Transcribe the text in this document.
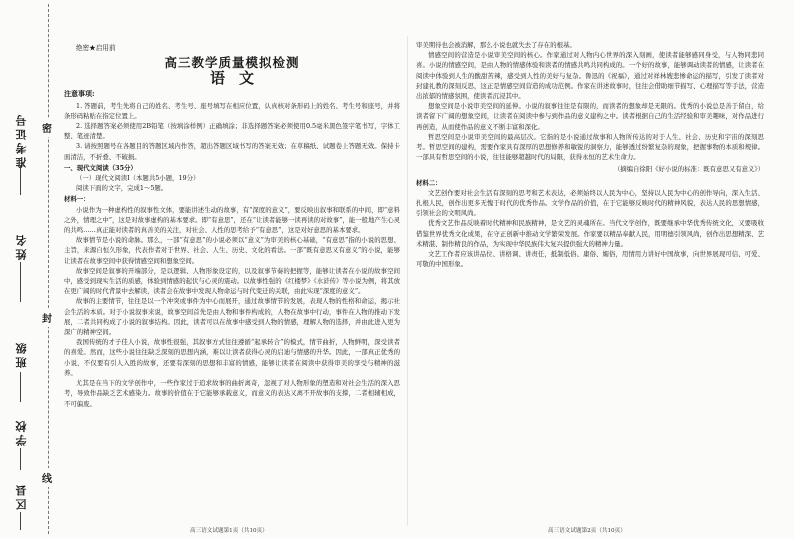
准考证号
姓名
班级
学校
区县
密
封
线
绝密★启用前
高三教学质量模拟检测
语文
注意事项:

1. 答题前，考生先将自己的姓名、考生号、座号填写在相应位置，认真核对条形码上的姓名、考生号和座号，并将条形码粘贴在指定位置上。

2. 选择题答案必须使用2B铅笔（按填涂样例）正确填涂；非选择题答案必须使用0.5毫米黑色签字笔书写，字体工整、笔迹清楚。

3. 请按照题号在各题目的答题区域内作答，超出答题区域书写的答案无效；在草稿纸、试题卷上答题无效。保持卡面清洁，不折叠、不破损。

一、现代文阅读（35分）
（一）现代文阅读Ⅰ（本题共5小题，19分）
阅读下面的文字，完成1～5题。
材料一：

小说作为一种虚构性的叙事性文体，要能讲述生动的故事，有“深度的意义”，要反映出叙事和联系的中间，即“意料之外，情理之中”，这是对故事虚构的基本要求。即“有意思”，还在“让读者能够一读再读的对故事”，能一般地产生心灵的共鸣……真正能对读者的真善美的关注，对社会、人性的思考给予“有意思”，这是对好意思的基本要求。

故事情节是小说的命脉。那么，一部“有意思”的小说必须以“意义”为审美的核心基础，“有意思”指的小说的思想、主旨，来源自恒久形象，代表作者对于世界、社会、人生、历史、文化的看法。一部“既有意思又有意义”的小说，能够让读者在故事空间中获得情感空间和想象空间。

故事空间是叙事的开端部分，是以逻辑、人物形象设定的，以及叙事节奏的把握等，能够让读者在小说的故事空间中，感受到现实生活的质感，体验到情感的起伏与心灵的震动。以故事性强的《红楼梦》《水浒传》等小说为例，将其放在更广阔的时代背景中去解读，读者会在故事中发现人物命运与时代变迁的关联，由此实现“深度的意义”。

故事的主要情节，往往是以一个冲突或事件为中心而展开，通过故事情节的发展，表现人物的性格和命运，揭示社会生活的本质。对于小说叙事来说，故事空间首先是由人物和事件构成的，人物在故事中行动，事件在人物的推动下发展，二者共同构成了小说的叙事结构。因此，读者可以在故事中感受到人物的情感，理解人物的选择，并由此进入更为深广的精神空间。

我国传统的才子佳人小说，故事性很强，其叙事方式往往遵循“起承转合”的模式，情节曲折，人物鲜明，深受读者的喜爱。然而，这些小说往往缺乏深刻的思想内涵，难以让读者获得心灵的启迪与情感的升华。因此，一部真正优秀的小说，不仅要有引人入胜的故事，还要有深刻的思想和丰富的情感，能够让读者在阅读中获得审美的享受与精神的滋养。

尤其是在当下的文学创作中，一些作家过于追求故事的曲折离奇，忽视了对人物形象的塑造和对社会生活的深入思考，导致作品缺乏艺术感染力。故事的价值在于它能够承载意义，而意义的表达又离不开故事的支撑，二者相辅相成，不可偏废。

高三语文试题第1页（共10页）

审美期待也会被消解，那么小说也就失去了存在的根基。

情感空间的营造是小说审美空间的核心。作家通过对人物内心世界的深入刻画，使读者能够感同身受，与人物同悲同喜。小说的情感空间，是由人物的情感体验和读者的情感共鸣共同构成的。一个好的故事，能够调动读者的情感，让读者在阅读中体验到人生的酸甜苦辣，感受到人性的美好与复杂。鲁迅的《祝福》，通过对祥林嫂悲惨命运的描写，引发了读者对封建礼教的深刻反思，这正是情感空间营造的成功范例。作家在讲述故事时，往往会借助细节描写、心理描写等手法，营造出浓郁的情感氛围，使读者沉浸其中。

想象空间是小说审美空间的延伸。小说的叙事往往是有限的，而读者的想象却是无限的。优秀的小说总是善于留白，给读者留下广阔的想象空间，让读者在阅读中参与到作品的意义建构之中。读者根据自己的生活经验和审美趣味，对作品进行再创造，从而使作品的意义不断丰富和深化。

哲思空间是小说审美空间的最高层次。它指的是小说通过故事和人物所传达的对于人生、社会、历史和宇宙的深刻思考。哲思空间的建构，需要作家具有深厚的思想修养和敏锐的洞察力，能够透过纷繁复杂的现象，把握事物的本质和规律。一部具有哲思空间的小说，往往能够超越时代的局限，获得永恒的艺术生命力。

（摘编自徐阳《好小说的标准：既有意思又有意义》）
材料二：

文艺创作要对社会生活有深刻的思考和艺术表达，必须始终以人民为中心，坚持以人民为中心的创作导向，深入生活、扎根人民，创作出更多无愧于时代的优秀作品。文学作品的价值，在于它能够反映时代的精神风貌，表达人民的思想情感，引领社会的文明风尚。

优秀文艺作品反映着时代精神和民族精神，是文艺的灵魂所在。当代文学创作，既要继承中华优秀传统文化，又要吸收借鉴世界优秀文化成果，在守正创新中推动文学繁荣发展。作家要以精品奉献人民，用明德引领风尚，创作出思想精深、艺术精湛、制作精良的作品，为实现中华民族伟大复兴提供强大的精神力量。

文艺工作者应该讲品位、讲格调、讲责任，抵制低俗、庸俗、媚俗，用情用力讲好中国故事，向世界展现可信、可爱、可敬的中国形象。

高三语文试题第2页（共10页）
